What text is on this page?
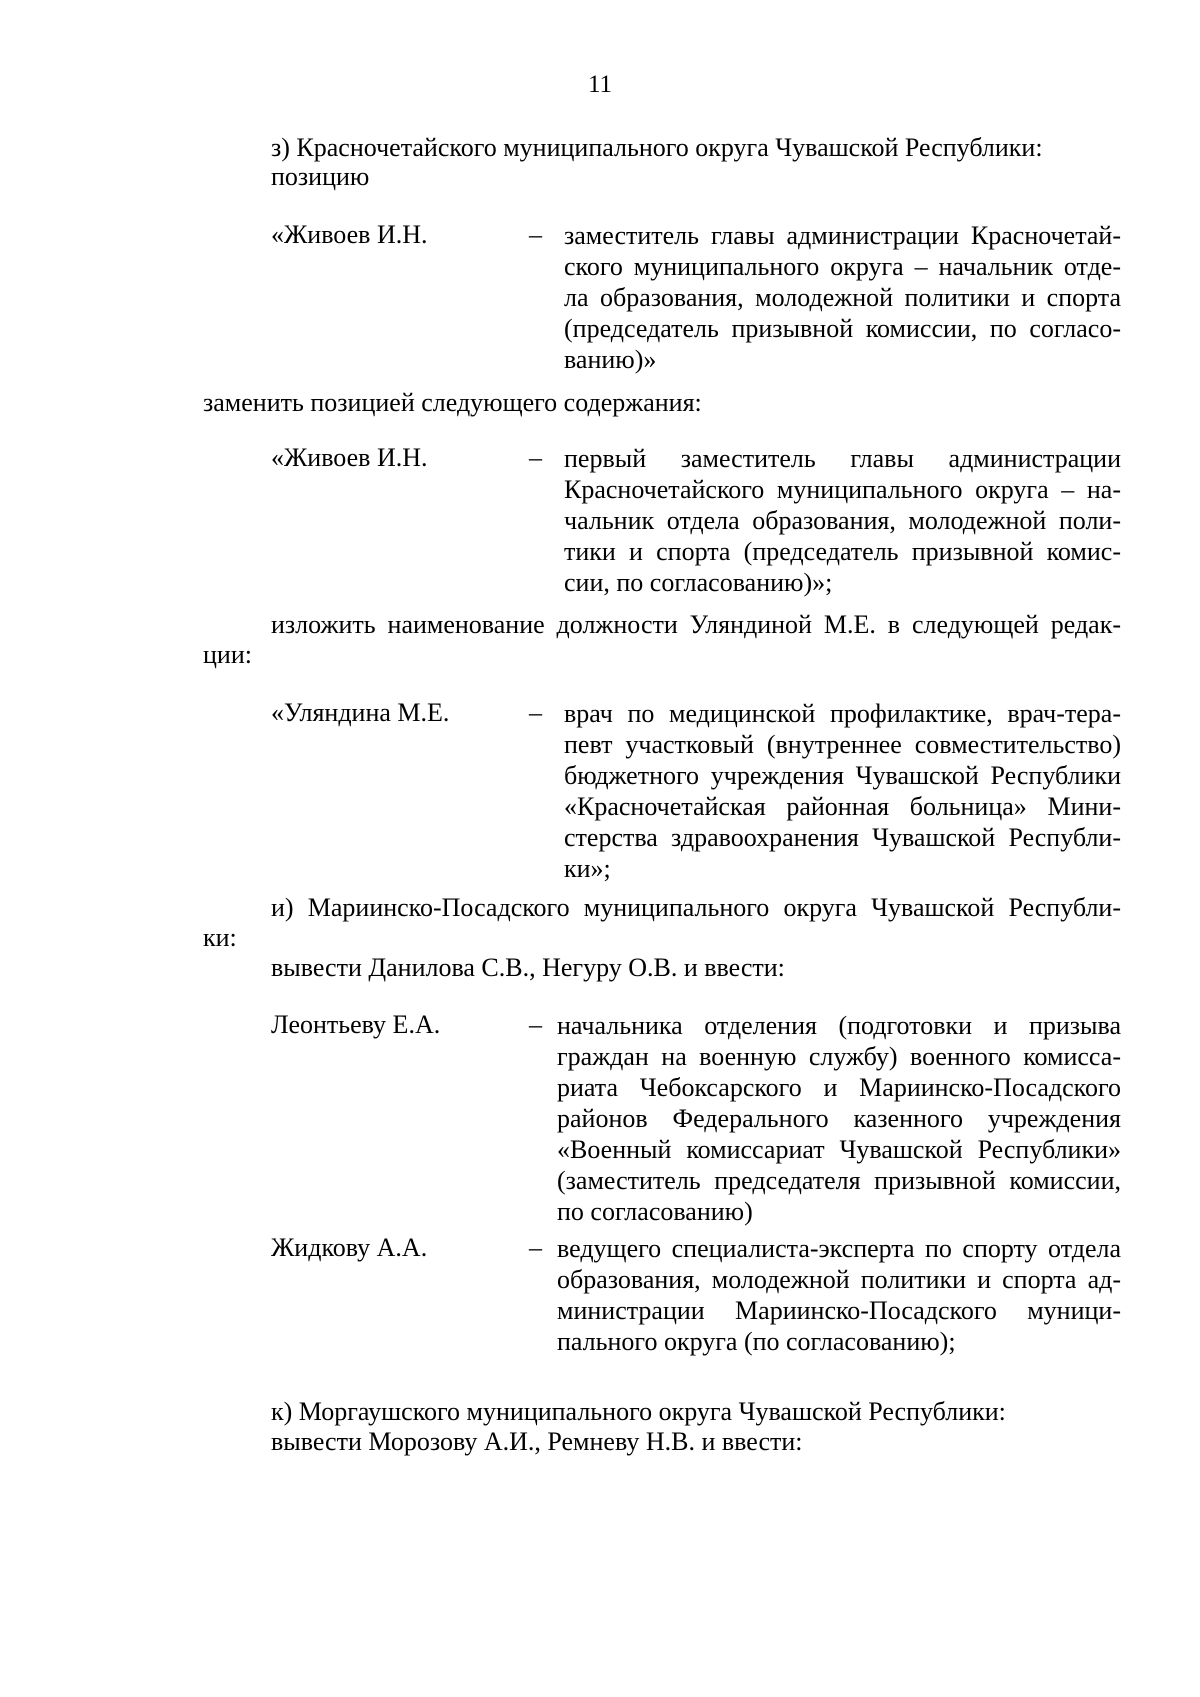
11
з) Красночетайского муниципального округа Чувашской Республики:
позицию
«Живоев И.Н.	– заместитель главы администрации Красночетай-
ского муниципального округа – начальник отде-
ла образования, молодежной политики и спорта
(председатель призывной комиссии, по согласо-
ванию)»
заменить позицией следующего содержания:
«Живоев И.Н.	– первый заместитель главы администрации
Красночетайского муниципального округа – на-
чальник отдела образования, молодежной поли-
тики и спорта (председатель призывной комис-
сии, по согласованию)»;
изложить наименование должности Уляндиной М.Е. в следующей редак-
ции:
«Уляндина М.Е.	– врач по медицинской профилактике, врач-тера-
певт участковый (внутреннее совместительство)
бюджетного учреждения Чувашской Республики
«Красночетайская районная больница» Мини-
стерства здравоохранения Чувашской Республи-
ки»;
и) Мариинско-Посадского муниципального округа Чувашской Республи-
ки:
вывести Данилова С.В., Негуру О.В. и ввести:
Леонтьеву Е.А.	– начальника отделения (подготовки и призыва
граждан на военную службу) военного комисса-
риата Чебоксарского и Мариинско-Посадского
районов Федерального казенного учреждения
«Военный комиссариат Чувашской Республики»
(заместитель председателя призывной комиссии,
по согласованию)
Жидкову А.А.	– ведущего специалиста-эксперта по спорту отдела
образования, молодежной политики и спорта ад-
министрации Мариинско-Посадского муници-
пального округа (по согласованию);
к) Моргаушского муниципального округа Чувашской Республики:
вывести Морозову А.И., Ремневу Н.В. и ввести:
